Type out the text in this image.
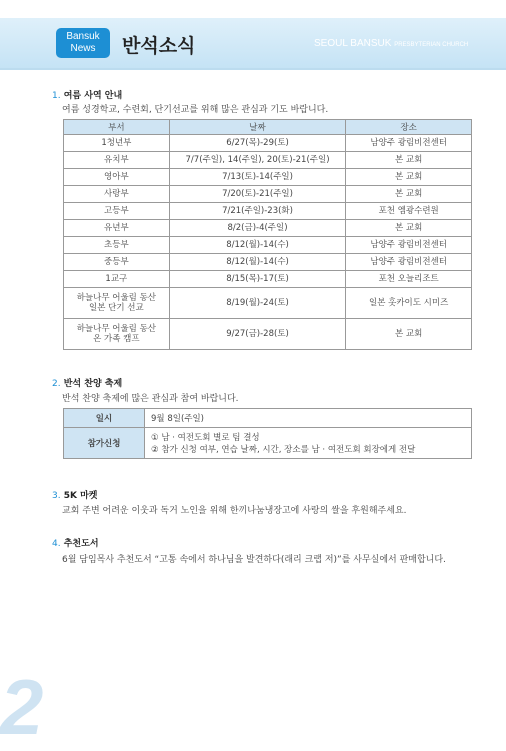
Bansuk
News	반석소식	SEOUL BANSUK PRESBYTERIAN CHURCH
1. 여름 사역 안내
여름 성경학교, 수련회, 단기선교를 위해 많은 관심과 기도 바랍니다.
부서	날짜	장소
1청년부	6/27(목)-29(토)	남양주 광림비전센터
유치부	7/7(주일), 14(주일), 20(토)-21(주일)	본 교회
영아부	7/13(토)-14(주일)	본 교회
사랑부	7/20(토)-21(주일)	본 교회
고등부	7/21(주일)-23(화)	포천 엠광수련원
유년부	8/2(금)-4(주일)	본 교회
초등부	8/12(월)-14(수)	남양주 광림비전센터
중등부	8/12(월)-14(수)	남양주 광림비전센터
1교구	8/15(목)-17(토)	포천 오늘리조트

하늘나무 어울림 동산
일본 단기 선교	8/19(월)-24(토)	일본 홋카이도 시미즈

하늘나무 어울림 동산
온 가족 캠프	9/27(금)-28(토)	본 교회
2. 반석 찬양 축제
반석 찬양 축제에 많은 관심과 참여 바랍니다.
일시	9월 8일(주일)
참가신청	① 남 · 여전도회 별로 팀 결성
② 참가 신청 여부, 연습 날짜, 시간, 장소를 남 · 여전도회 회장에게 전달
3. 5K 마켓
교회 주변 어려운 이웃과 독거 노인을 위해 한끼나눔냉장고에 사랑의 쌀을 후원해주세요.
4. 추천도서
6월 담임목사 추천도서 “고통 속에서 하나님을 발견하다(래리 크랩 저)”를 사무실에서 판매합니다.
2
